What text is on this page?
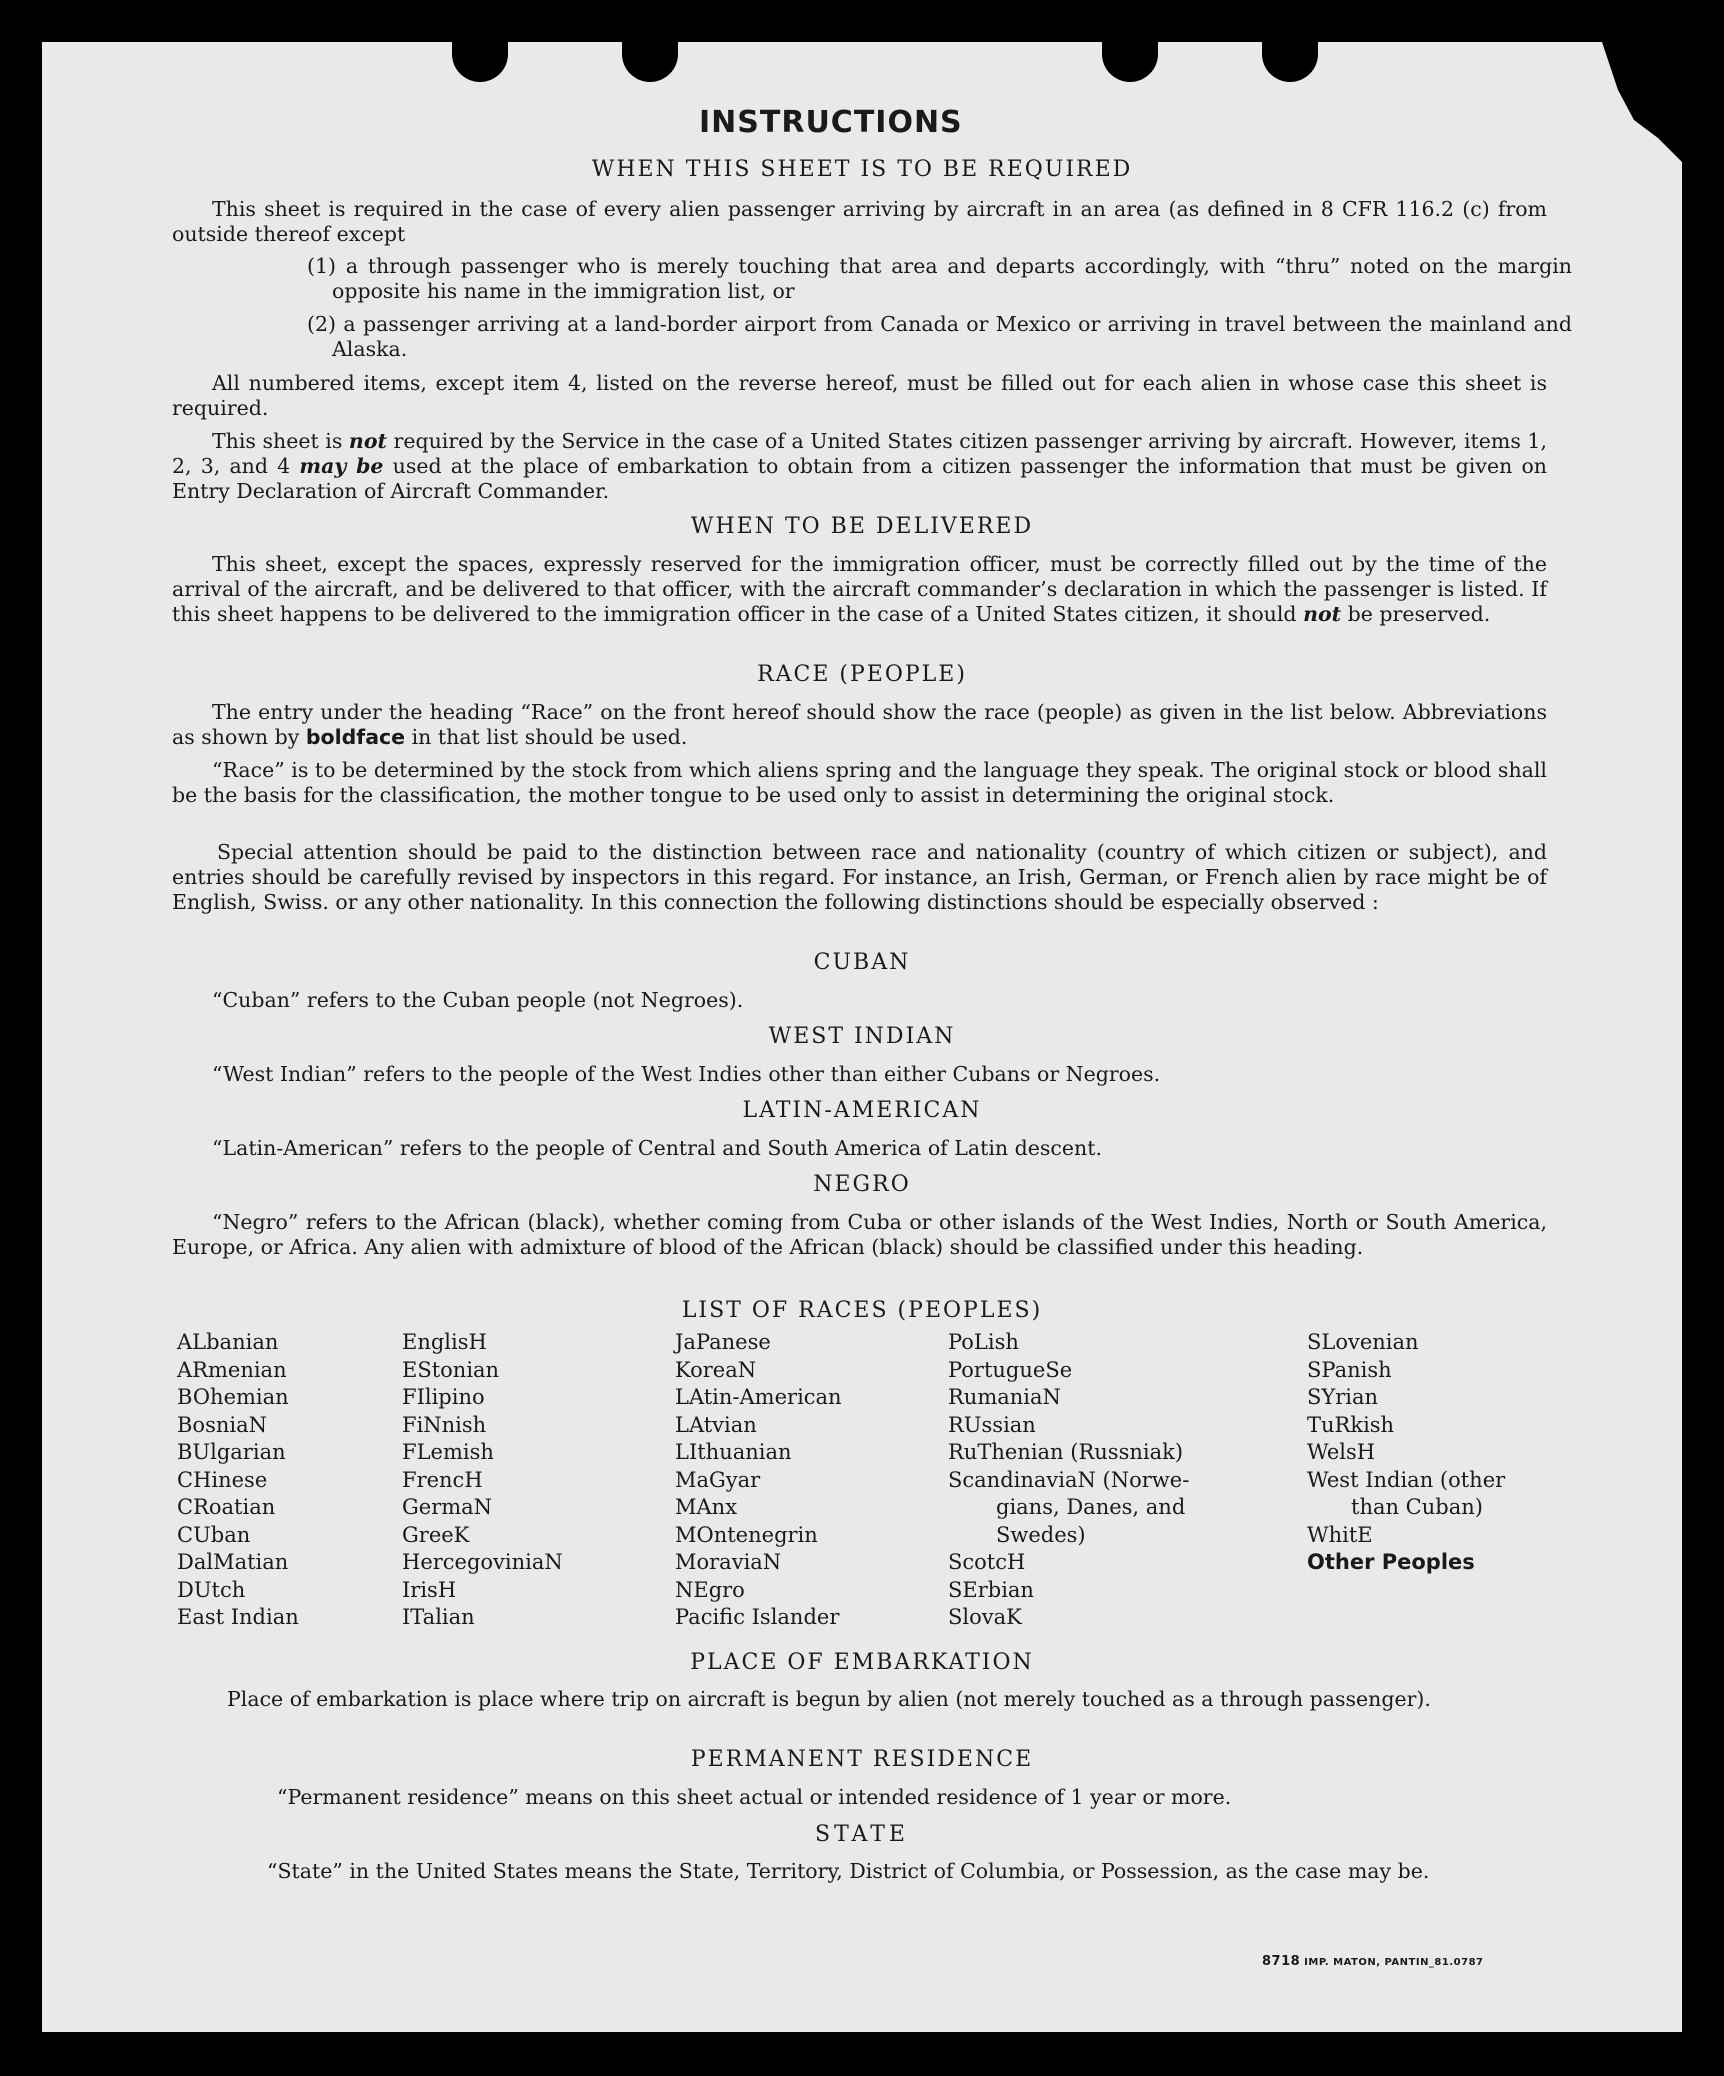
INSTRUCTIONS
WHEN THIS SHEET IS TO BE REQUIRED
This sheet is required in the case of every alien passenger arriving by aircraft in an area (as defined in 8 CFR 116.2 (c) from outside thereof except
(1) a through passenger who is merely touching that area and departs accordingly, with “thru” noted on the margin opposite his name in the immigration list, or
(2) a passenger arriving at a land-border airport from Canada or Mexico or arriving in travel between the mainland and Alaska.
All numbered items, except item 4, listed on the reverse hereof, must be filled out for each alien in whose case this sheet is required.
This sheet is not required by the Service in the case of a United States citizen passenger arriving by aircraft. However, items 1, 2, 3, and 4 may be used at the place of embarkation to obtain from a citizen passenger the information that must be given on Entry Declaration of Aircraft Commander.
WHEN TO BE DELIVERED
This sheet, except the spaces, expressly reserved for the immigration officer, must be correctly filled out by the time of the arrival of the aircraft, and be delivered to that officer, with the aircraft commander’s declaration in which the passenger is listed. If this sheet happens to be delivered to the immigration officer in the case of a United States citizen, it should not be preserved.
RACE (PEOPLE)
The entry under the heading “Race” on the front hereof should show the race (people) as given in the list below. Abbreviations as shown by boldface in that list should be used.
“Race” is to be determined by the stock from which aliens spring and the language they speak. The original stock or blood shall be the basis for the classification, the mother tongue to be used only to assist in determining the original stock.
Special attention should be paid to the distinction between race and nationality (country of which citizen or subject), and entries should be carefully revised by inspectors in this regard. For instance, an Irish, German, or French alien by race might be of English, Swiss. or any other nationality. In this connection the following distinctions should be especially observed :
CUBAN
“Cuban” refers to the Cuban people (not Negroes).
WEST INDIAN
“West Indian” refers to the people of the West Indies other than either Cubans or Negroes.
LATIN-AMERICAN
“Latin-American” refers to the people of Central and South America of Latin descent.
NEGRO
“Negro” refers to the African (black), whether coming from Cuba or other islands of the West Indies, North or South America, Europe, or Africa. Any alien with admixture of blood of the African (black) should be classified under this heading.
LIST OF RACES (PEOPLES)
ALbanian
ARmenian
BOhemian
BosniaN
BUlgarian
CHinese
CRoatian
CUban
DalMatian
DUtch
East Indian
EnglisH
EStonian
FIlipino
FiNnish
FLemish
FrencH
GermaN
GreeK
HercegoviniaN
IrisH
ITalian
JaPanese
KoreaN
LAtin-American
LAtvian
LIthuanian
MaGyar
MAnx
MOntenegrin
MoraviaN
NEgro
Pacific Islander
PoLish
PortugueSe
RumaniaN
RUssian
RuThenian (Russniak)
ScandinaviaN (Norwe-
gians, Danes, and
Swedes)
ScotcH
SErbian
SlovaK
SLovenian
SPanish
SYrian
TuRkish
WelsH
West Indian (other
than Cuban)
WhitE
Other Peoples
PLACE OF EMBARKATION
Place of embarkation is place where trip on aircraft is begun by alien (not merely touched as a through passenger).
PERMANENT RESIDENCE
“Permanent residence” means on this sheet actual or intended residence of 1 year or more.
STATE
“State” in the United States means the State, Territory, District of Columbia, or Possession, as the case may be.
8718 IMP. MATON, PANTIN_81.0787
